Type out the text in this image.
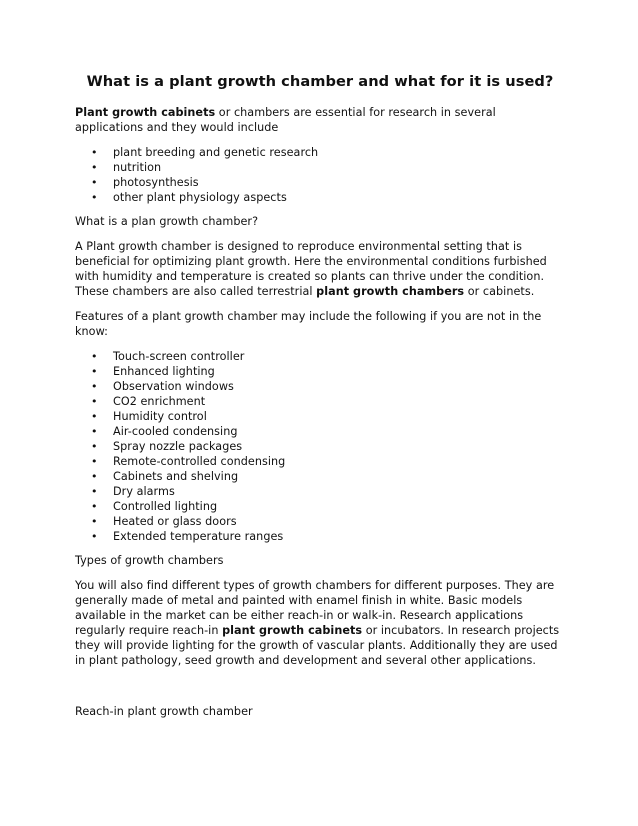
What is a plant growth chamber and what for it is used?

Plant growth cabinets or chambers are essential for research in several applications and they would include

• plant breeding and genetic research
• nutrition
• photosynthesis
• other plant physiology aspects

What is a plan growth chamber?

A Plant growth chamber is designed to reproduce environmental setting that is beneficial for optimizing plant growth. Here the environmental conditions furbished with humidity and temperature is created so plants can thrive under the condition. These chambers are also called terrestrial plant growth chambers or cabinets.

Features of a plant growth chamber may include the following if you are not in the know:

• Touch-screen controller
• Enhanced lighting
• Observation windows
• CO2 enrichment
• Humidity control
• Air-cooled condensing
• Spray nozzle packages
• Remote-controlled condensing
• Cabinets and shelving
• Dry alarms
• Controlled lighting
• Heated or glass doors
• Extended temperature ranges

Types of growth chambers

You will also find different types of growth chambers for different purposes. They are generally made of metal and painted with enamel finish in white. Basic models available in the market can be either reach-in or walk-in. Research applications regularly require reach-in plant growth cabinets or incubators. In research projects they will provide lighting for the growth of vascular plants. Additionally they are used in plant pathology, seed growth and development and several other applications.

Reach-in plant growth chamber
